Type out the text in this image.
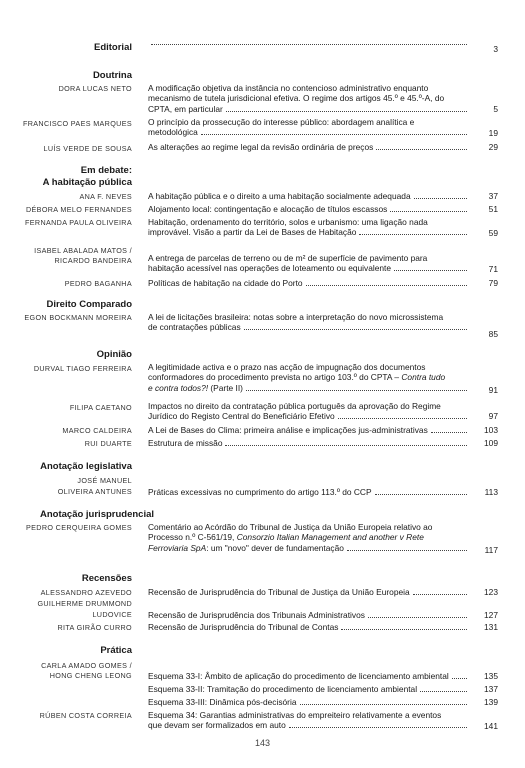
Editorial	3
Doutrina
DORA LUCAS NETO A modificação objetiva da instância no contencioso administrativo enquanto
mecanismo de tutela jurisdicional efetiva. O regime dos artigos 45.º e 45.º-A, do
CPTA, em particular	5
FRANCISCO PAES MARQUES O princípio da prossecução do interesse público: abordagem analítica e
metodológica	19
LUÍS VERDE DE SOUSA As alterações ao regime legal da revisão ordinária de preços	29
Em debate:
A habitação pública
ANA F. NEVES A habitação pública e o direito a uma habitação socialmente adequada	37
DÉBORA MELO FERNANDES Alojamento local: contingentação e alocação de títulos escassos	51
FERNANDA PAULA OLIVEIRA Habitação, ordenamento do território, solos e urbanismo: uma ligação nada
improvável. Visão a partir da Lei de Bases de Habitação	59
ISABEL ABALADA MATOS /
RICARDO BANDEIRA A entrega de parcelas de terreno ou de m² de superfície de pavimento para
habitação acessível nas operações de loteamento ou equivalente	71
PEDRO BAGANHA Políticas de habitação na cidade do Porto	79
Direito Comparado
EGON BOCKMANN MOREIRA A lei de licitações brasileira: notas sobre a interpretação do novo microssistema
de contratações públicas
85
Opinião
DURVAL TIAGO FERREIRA A legitimidade activa e o prazo nas acção de impugnação dos documentos
conformadores do procedimento prevista no artigo 103.º do CPTA – Contra tudo
e contra todos?! (Parte II)	91
FILIPA CAETANO Impactos no direito da contratação pública português da aprovação do Regime
Jurídico do Registo Central do Beneficiário Efetivo	97
MARCO CALDEIRA A Lei de Bases do Clima: primeira análise e implicações jus-administrativas	103
RUI DUARTE Estrutura de missão	109
Anotação legislativa
JOSÉ MANUEL
OLIVEIRA ANTUNES Práticas excessivas no cumprimento do artigo 113.º do CCP	113
Anotação jurisprudencial
PEDRO CERQUEIRA GOMES Comentário ao Acórdão do Tribunal de Justiça da União Europeia relativo ao
Processo n.º C-561/19, Consorzio Italian Management and another v Rete
Ferroviaria SpA: um "novo" dever de fundamentação	117
Recensões
ALESSANDRO AZEVEDO
GUILHERME DRUMMOND
LUDOVICE
Recensão de Jurisprudência do Tribunal de Justiça da União Europeia	123
Recensão de Jurisprudência dos Tribunais Administrativos	127
RITA GIRÃO CURRO Recensão de Jurisprudência do Tribunal de Contas	131
Prática
CARLA AMADO GOMES /
HONG CHENG LEONG Esquema 33-I: Âmbito de aplicação do procedimento de licenciamento ambiental	135
Esquema 33-II: Tramitação do procedimento de licenciamento ambiental	137
Esquema 33-III: Dinâmica pós-decisória	139
RÚBEN COSTA CORREIA Esquema 34: Garantias administrativas do empreiteiro relativamente a eventos
que devam ser formalizados em auto	141
143
